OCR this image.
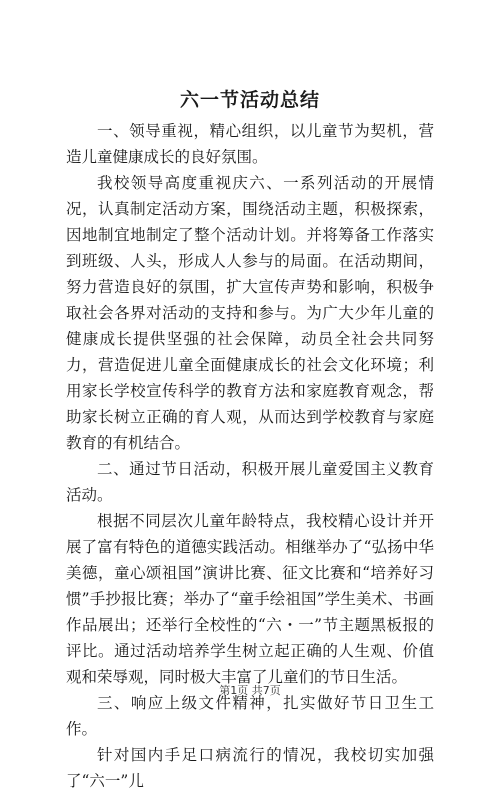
六一节活动总结

一、领导重视，精心组织，以儿童节为契机，营造儿童健康成长的良好氛围。

我校领导高度重视庆六、一系列活动的开展情况，认真制定活动方案，围绕活动主题，积极探索，因地制宜地制定了整个活动计划。并将筹备工作落实到班级、人头，形成人人参与的局面。在活动期间，努力营造良好的氛围，扩大宣传声势和影响，积极争取社会各界对活动的支持和参与。为广大少年儿童的健康成长提供坚强的社会保障，动员全社会共同努力，营造促进儿童全面健康成长的社会文化环境；利用家长学校宣传科学的教育方法和家庭教育观念，帮助家长树立正确的育人观，从而达到学校教育与家庭教育的有机结合。

二、通过节日活动，积极开展儿童爱国主义教育活动。

根据不同层次儿童年龄特点，我校精心设计并开展了富有特色的道德实践活动。相继举办了“弘扬中华美德，童心颂祖国”演讲比赛、征文比赛和“培养好习惯”手抄报比赛；举办了“童手绘祖国”学生美术、书画作品展出；还举行全校性的“六・一”节主题黑板报的评比。通过活动培养学生树立起正确的人生观、价值观和荣辱观，同时极大丰富了儿童们的节日生活。

三、响应上级文件精神，扎实做好节日卫生工作。

针对国内手足口病流行的情况，我校切实加强了“六一”儿

第1页 共7页
